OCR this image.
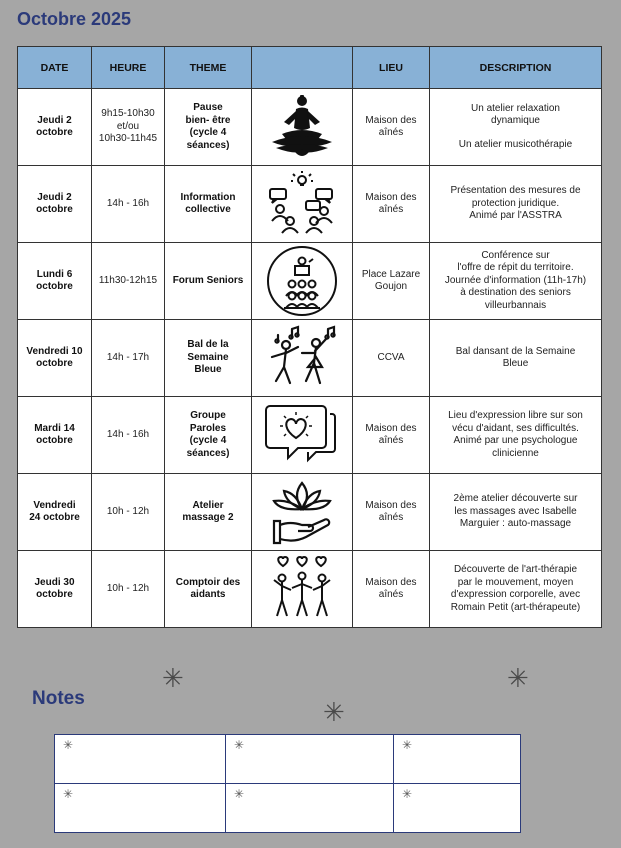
Octobre 2025
DATE	HEURE	THEME		LIEU	DESCRIPTION

Jeudi 2
octobre	9h15-10h30
et/ou
10h30-11h45	Pause
bien- être
(cycle 4
séances)		Maison des
aînés	Un atelier relaxation
dynamique
Un atelier musicothérapie

Jeudi 2
octobre	14h - 16h	Information
collective		Maison des
aînés	Présentation des mesures de
protection juridique.
Animé par l'ASSTRA

Lundi 6
octobre	11h30-12h15	Forum Seniors		Place Lazare
Goujon	Conférence sur
l'offre de répit du territoire.
Journée d'information (11h-17h)
à destination des seniors
villeurbannais

Vendredi 10
octobre	14h - 17h	Bal de la
Semaine
Bleue		CCVA	Bal dansant de la Semaine
Bleue

Mardi 14
octobre	14h - 16h	Groupe
Paroles
(cycle 4
séances)		Maison des
aînés	Lieu d'expression libre sur son
vécu d'aidant, ses difficultés.
Animé par une psychologue
clinicienne

Vendredi
24 octobre	10h - 12h	Atelier
massage 2		Maison des
aînés	2ème atelier découverte sur
les massages avec Isabelle
Marguier : auto-massage

Jeudi 30
octobre	10h - 12h	Comptoir des
aidants		Maison des
aînés	Découverte de l'art-thérapie
par le mouvement, moyen
d'expression corporelle, avec
Romain Petit (art-thérapeute)
Notes
✳
✳
✳
✳	✳	✳
✳	✳	✳
